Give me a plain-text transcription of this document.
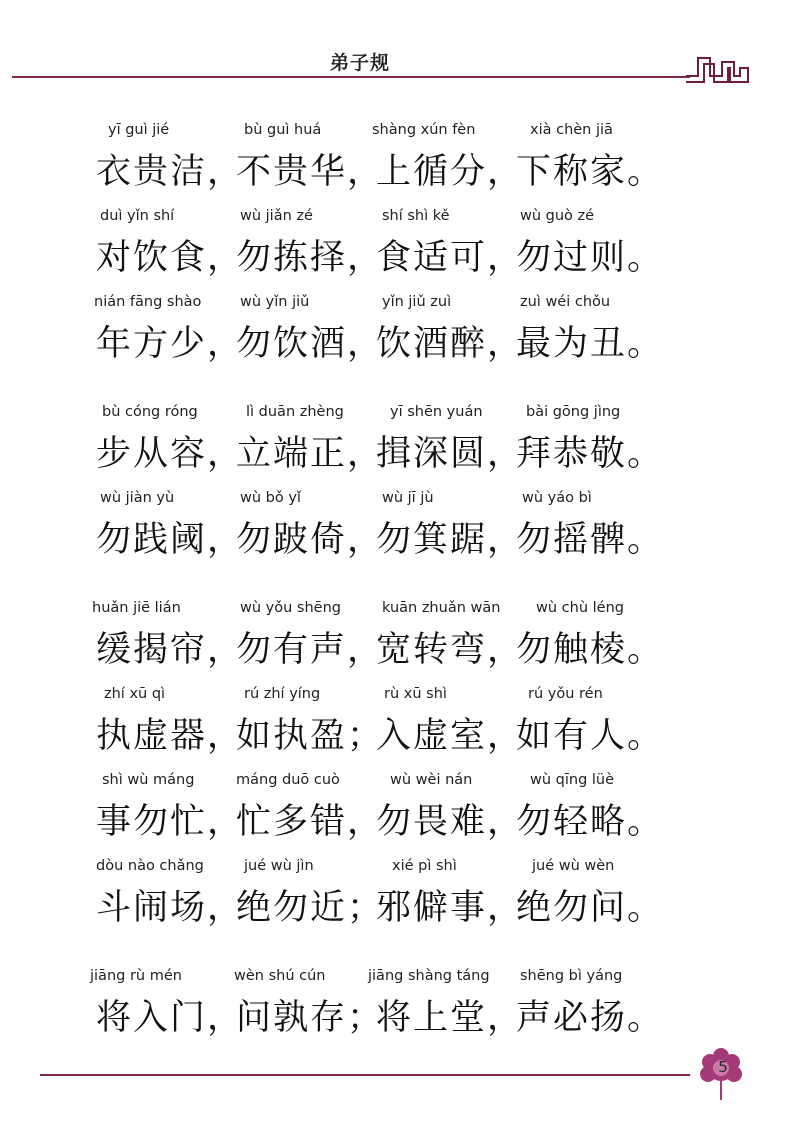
弟子规
yī guì jié
衣贵洁，
bù guì huá
不贵华，
shàng xún fèn
上循分，
xià chèn jiā
下称家。
duì yǐn shí
对饮食，
wù jiǎn zé
勿拣择，
shí shì kě
食适可，
wù guò zé
勿过则。
nián fāng shào
年方少，
wù yǐn jiǔ
勿饮酒，
yǐn jiǔ zuì
饮酒醉，
zuì wéi chǒu
最为丑。
bù cóng róng
步从容，
lì duān zhèng
立端正，
yī shēn yuán
揖深圆，
bài gōng jìng
拜恭敬。
wù jiàn yù
勿践阈，
wù bǒ yǐ
勿跛倚，
wù jī jù
勿箕踞，
wù yáo bì
勿摇髀。
huǎn jiē lián
缓揭帘，
wù yǒu shēng
勿有声，
kuān zhuǎn wān
宽转弯，
wù chù léng
勿触棱。
zhí xū qì
执虚器，
rú zhí yíng
如执盈；
rù xū shì
入虚室，
rú yǒu rén
如有人。
shì wù máng
事勿忙，
máng duō cuò
忙多错，
wù wèi nán
勿畏难，
wù qīng lüè
勿轻略。
dòu nào chǎng
斗闹场，
jué wù jìn
绝勿近；
xié pì shì
邪僻事，
jué wù wèn
绝勿问。
jiāng rù mén
将入门，
wèn shú cún
问孰存；
jiāng shàng táng
将上堂，
shēng bì yáng
声必扬。
5
